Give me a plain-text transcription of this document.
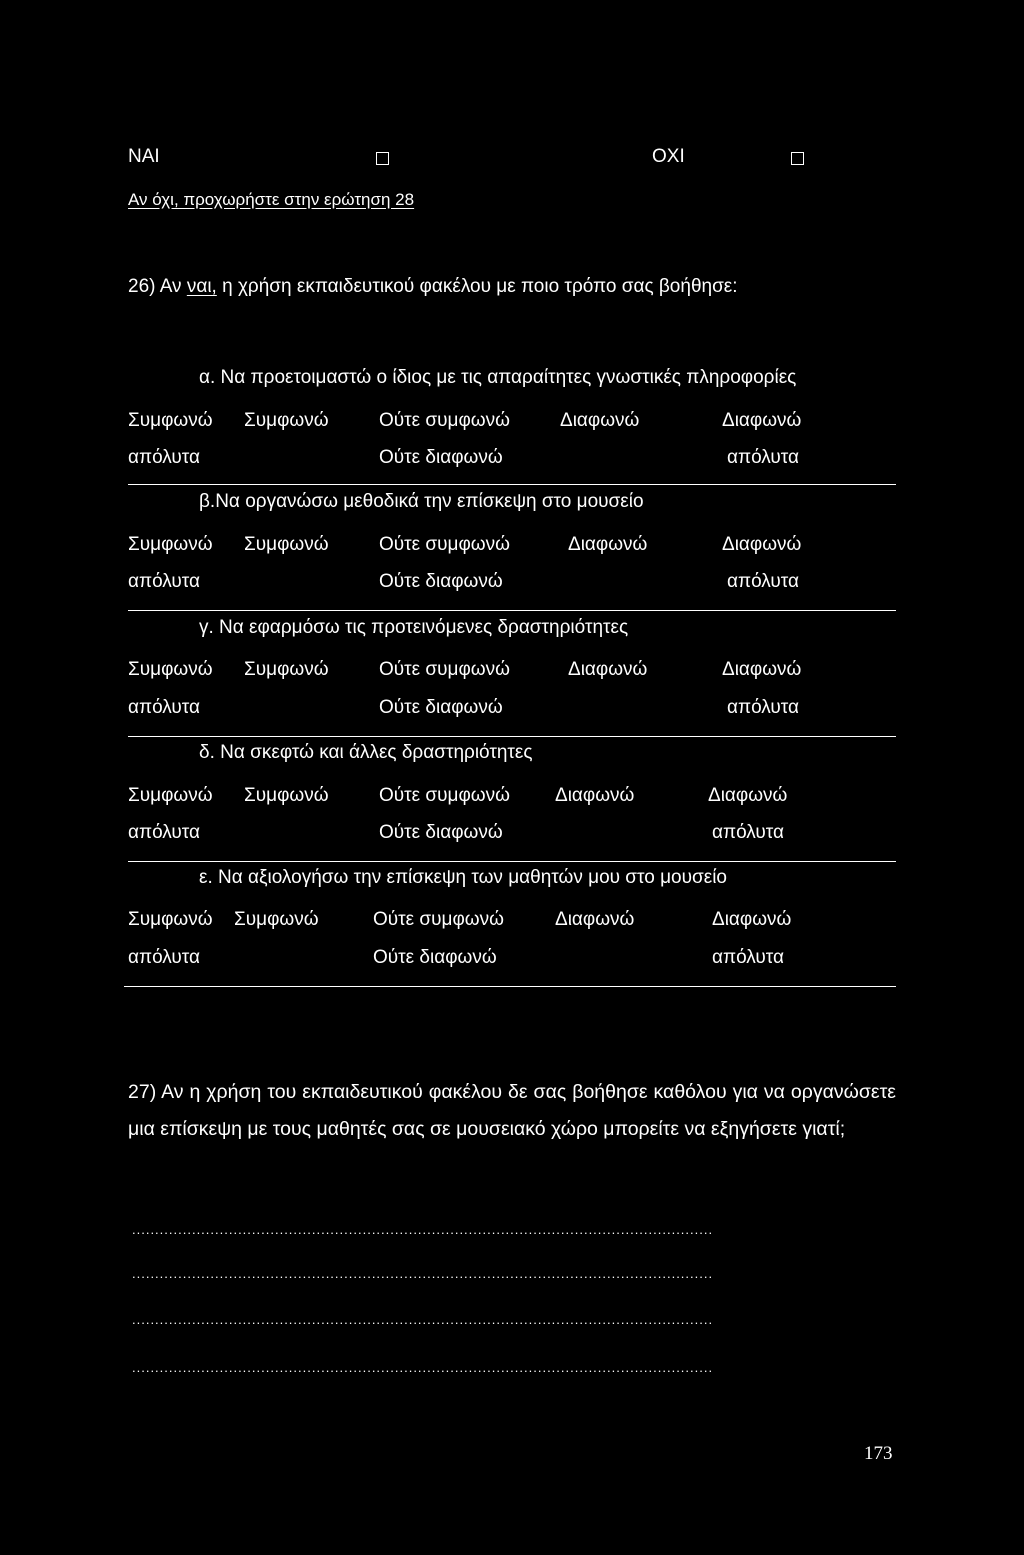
ΝΑΙ	ΟΧΙ
Αν όχι, προχωρήστε στην ερώτηση 28
26) Αν ναι, η χρήση εκπαιδευτικού φακέλου με ποιο τρόπο σας βοήθησε:
α. Να προετοιμαστώ ο ίδιος με τις απαραίτητες γνωστικές πληροφορίες
Συμφωνώ Συμφωνώ	Ούτε συμφωνώ	Διαφωνώ	Διαφωνώ
απόλυτα	Ούτε διαφωνώ	απόλυτα
β.Να οργανώσω μεθοδικά την επίσκεψη στο μουσείο
Συμφωνώ Συμφωνώ	Ούτε συμφωνώ	Διαφωνώ	Διαφωνώ
απόλυτα	Ούτε διαφωνώ	απόλυτα
γ. Να εφαρμόσω τις προτεινόμενες δραστηριότητες
Συμφωνώ Συμφωνώ	Ούτε συμφωνώ	Διαφωνώ	Διαφωνώ
απόλυτα	Ούτε διαφωνώ	απόλυτα
δ. Να σκεφτώ και άλλες δραστηριότητες
Συμφωνώ Συμφωνώ	Ούτε συμφωνώ Διαφωνώ	Διαφωνώ
απόλυτα	Ούτε διαφωνώ	απόλυτα
ε. Να αξιολογήσω την επίσκεψη των μαθητών μου στο μουσείο
Συμφωνώ Συμφωνώ	Ούτε συμφωνώ	Διαφωνώ	Διαφωνώ
απόλυτα	Ούτε διαφωνώ	απόλυτα
27) Αν η χρήση του εκπαιδευτικού φακέλου δε σας βοήθησε καθόλου για να οργανώσετε μια επίσκεψη με τους μαθητές σας σε μουσειακό χώρο μπορείτε να εξηγήσετε γιατί;
..............................................................................................................................
..............................................................................................................................
..............................................................................................................................
..............................................................................................................................
173
